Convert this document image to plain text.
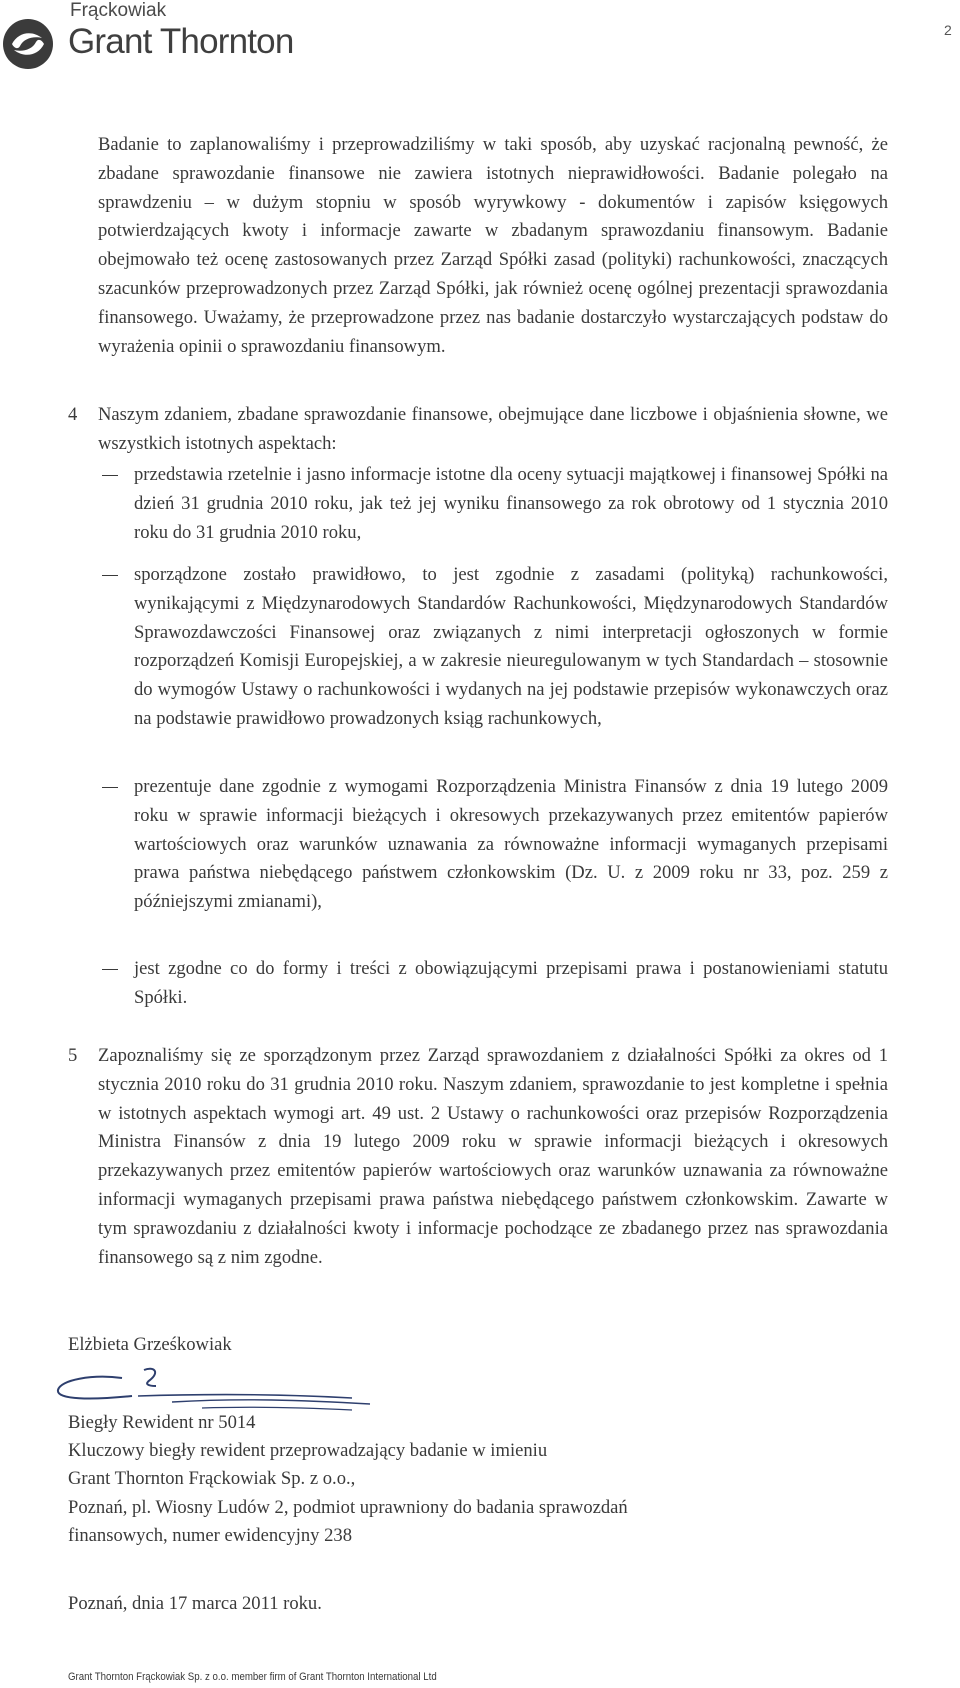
Frąckowiak
Grant Thornton	2
Badanie to zaplanowaliśmy i przeprowadziliśmy w taki sposób, aby uzyskać racjonalną pewność, że zbadane sprawozdanie finansowe nie zawiera istotnych nieprawidłowości. Badanie polegało na sprawdzeniu – w dużym stopniu w sposób wyrywkowy - dokumentów i zapisów księgowych potwierdzających kwoty i informacje zawarte w zbadanym sprawozdaniu finansowym. Badanie obejmowało też ocenę zastosowanych przez Zarząd Spółki zasad (polityki) rachunkowości, znaczących szacunków przeprowadzonych przez Zarząd Spółki, jak również ocenę ogólnej prezentacji sprawozdania finansowego. Uważamy, że przeprowadzone przez nas badanie dostarczyło wystarczających podstaw do wyrażenia opinii o sprawozdaniu finansowym.
4 Naszym zdaniem, zbadane sprawozdanie finansowe, obejmujące dane liczbowe i objaśnienia słowne, we wszystkich istotnych aspektach:
przedstawia rzetelnie i jasno informacje istotne dla oceny sytuacji majątkowej i finansowej Spółki na dzień 31 grudnia 2010 roku, jak też jej wyniku finansowego za rok obrotowy od 1 stycznia 2010 roku do 31 grudnia 2010 roku,
sporządzone zostało prawidłowo, to jest zgodnie z zasadami (polityką) rachunkowości, wynikającymi z Międzynarodowych Standardów Rachunkowości, Międzynarodowych Standardów Sprawozdawczości Finansowej oraz związanych z nimi interpretacji ogłoszonych w formie rozporządzeń Komisji Europejskiej, a w zakresie nieuregulowanym w tych Standardach – stosownie do wymogów Ustawy o rachunkowości i wydanych na jej podstawie przepisów wykonawczych oraz na podstawie prawidłowo prowadzonych ksiąg rachunkowych,
prezentuje dane zgodnie z wymogami Rozporządzenia Ministra Finansów z dnia 19 lutego 2009 roku w sprawie informacji bieżących i okresowych przekazywanych przez emitentów papierów wartościowych oraz warunków uznawania za równoważne informacji wymaganych przepisami prawa państwa niebędącego państwem członkowskim (Dz. U. z 2009 roku nr 33, poz. 259 z późniejszymi zmianami),
jest zgodne co do formy i treści z obowiązującymi przepisami prawa i postanowieniami statutu Spółki.
5 Zapoznaliśmy się ze sporządzonym przez Zarząd sprawozdaniem z działalności Spółki za okres od 1 stycznia 2010 roku do 31 grudnia 2010 roku. Naszym zdaniem, sprawozdanie to jest kompletne i spełnia w istotnych aspektach wymogi art. 49 ust. 2 Ustawy o rachunkowości oraz przepisów Rozporządzenia Ministra Finansów z dnia 19 lutego 2009 roku w sprawie informacji bieżących i okresowych przekazywanych przez emitentów papierów wartościowych oraz warunków uznawania za równoważne informacji wymaganych przepisami prawa państwa niebędącego państwem członkowskim. Zawarte w tym sprawozdaniu z działalności kwoty i informacje pochodzące ze zbadanego przez nas sprawozdania finansowego są z nim zgodne.
Elżbieta Grześkowiak
Biegły Rewident nr 5014
Kluczowy biegły rewident przeprowadzający badanie w imieniu
Grant Thornton Frąckowiak Sp. z o.o.,
Poznań, pl. Wiosny Ludów 2, podmiot uprawniony do badania sprawozdań
finansowych, numer ewidencyjny 238
Poznań, dnia 17 marca 2011 roku.
Grant Thornton Frąckowiak Sp. z o.o. member firm of Grant Thornton International Ltd
